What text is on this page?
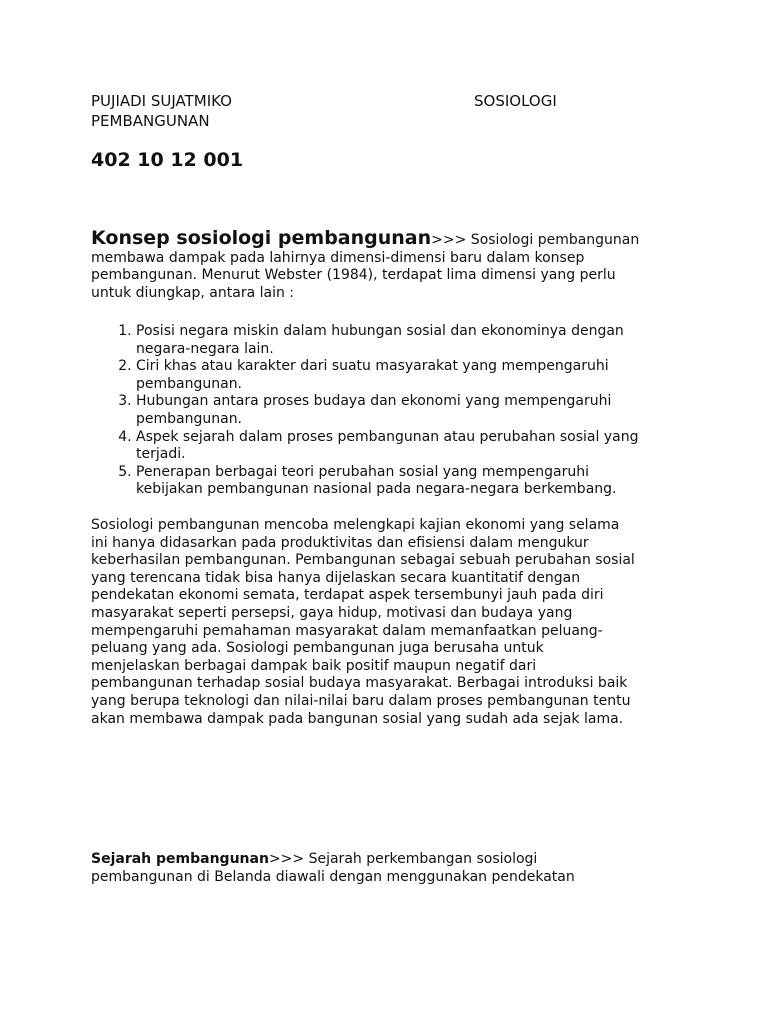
PUJIADI SUJATMIKO	SOSIOLOGI
PEMBANGUNAN
402 10 12 001
Konsep sosiologi pembangunan>>> Sosiologi pembangunan
membawa dampak pada lahirnya dimensi-dimensi baru dalam konsep
pembangunan. Menurut Webster (1984), terdapat lima dimensi yang perlu
untuk diungkap, antara lain :
1. Posisi negara miskin dalam hubungan sosial dan ekonominya dengan
negara-negara lain.
2. Ciri khas atau karakter dari suatu masyarakat yang mempengaruhi
pembangunan.
3. Hubungan antara proses budaya dan ekonomi yang mempengaruhi
pembangunan.
4. Aspek sejarah dalam proses pembangunan atau perubahan sosial yang
terjadi.
5. Penerapan berbagai teori perubahan sosial yang mempengaruhi
kebijakan pembangunan nasional pada negara-negara berkembang.
Sosiologi pembangunan mencoba melengkapi kajian ekonomi yang selama
ini hanya didasarkan pada produktivitas dan efisiensi dalam mengukur
keberhasilan pembangunan. Pembangunan sebagai sebuah perubahan sosial
yang terencana tidak bisa hanya dijelaskan secara kuantitatif dengan
pendekatan ekonomi semata, terdapat aspek tersembunyi jauh pada diri
masyarakat seperti persepsi, gaya hidup, motivasi dan budaya yang
mempengaruhi pemahaman masyarakat dalam memanfaatkan peluang-
peluang yang ada. Sosiologi pembangunan juga berusaha untuk
menjelaskan berbagai dampak baik positif maupun negatif dari
pembangunan terhadap sosial budaya masyarakat. Berbagai introduksi baik
yang berupa teknologi dan nilai-nilai baru dalam proses pembangunan tentu
akan membawa dampak pada bangunan sosial yang sudah ada sejak lama.
Sejarah pembangunan>>> Sejarah perkembangan sosiologi
pembangunan di Belanda diawali dengan menggunakan pendekatan
